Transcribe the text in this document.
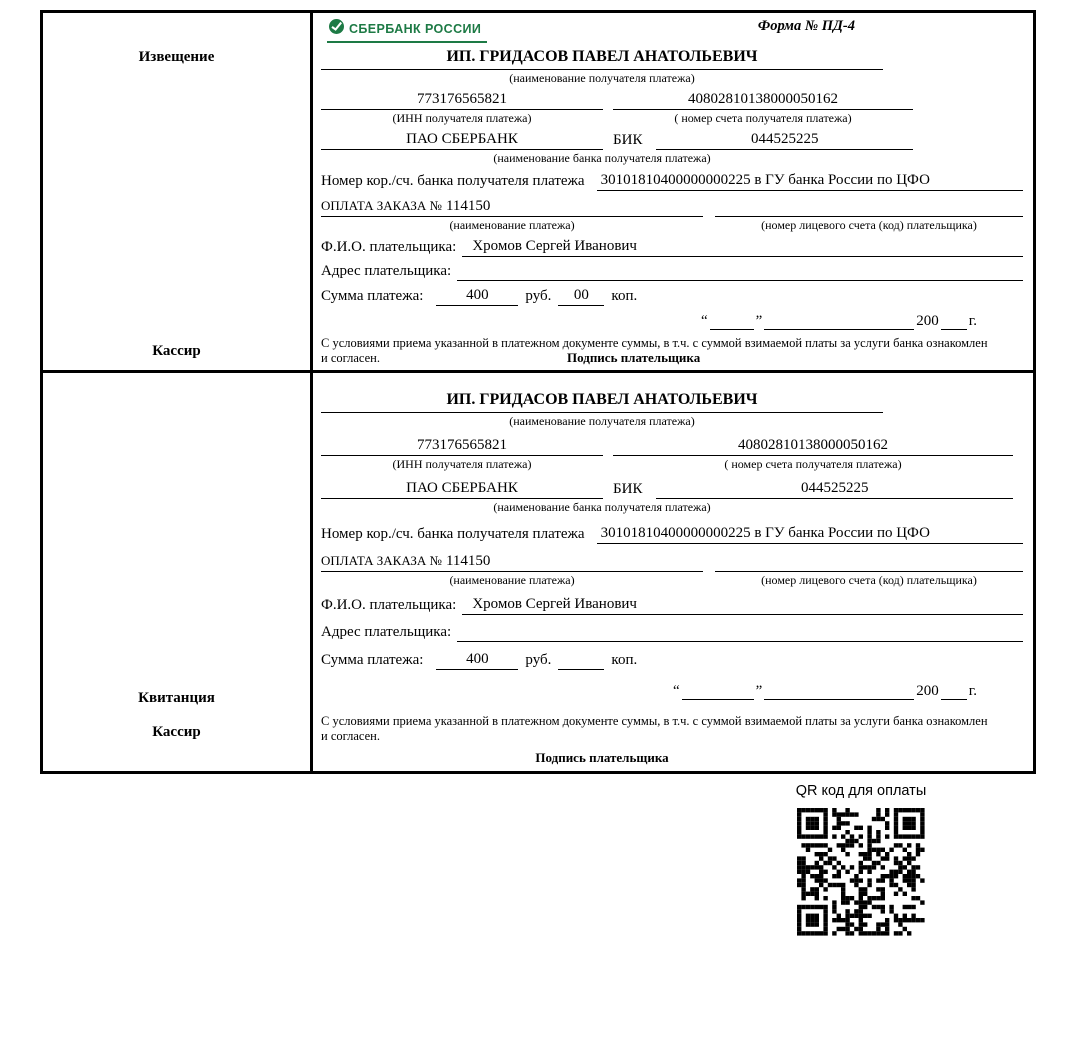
Извещение
Кассир
СБЕРБАНК РОССИИ	Форма № ПД-4
ИП. ГРИДАСОВ ПАВЕЛ АНАТОЛЬЕВИЧ
(наименование получателя платежа)
773176565821
(ИНН получателя платежа)
40802810138000050162
( номер счета получателя платежа)
ПАО СБЕРБАНК	БИК	044525225
(наименование банка получателя платежа)
Номер кор./сч. банка получателя платежа	30101810400000000225 в ГУ банка России по ЦФО
ОПЛАТА ЗАКАЗА № 114150
(наименование платежа)	(номер лицевого счета (код) плательщика)
Ф.И.О. плательщика:	Хромов Сергей Иванович
Адрес плательщика:
Сумма платежа:	400	руб.	00	коп.
“	”	200 г.
С условиями приема указанной в платежном документе суммы, в т.ч. с суммой взимаемой платы за услуги банка ознакомлен и согласен.	Подпись плательщика
Квитанция
Кассир
ИП. ГРИДАСОВ ПАВЕЛ АНАТОЛЬЕВИЧ
(наименование получателя платежа)
773176565821
(ИНН получателя платежа)
40802810138000050162
( номер счета получателя платежа)
ПАО СБЕРБАНК	БИК	044525225
(наименование банка получателя платежа)
Номер кор./сч. банка получателя платежа	30101810400000000225 в ГУ банка России по ЦФО
ОПЛАТА ЗАКАЗА № 114150
(наименование платежа)	(номер лицевого счета (код) плательщика)
Ф.И.О. плательщика:	Хромов Сергей Иванович
Адрес плательщика:
Сумма платежа:	400	руб.	коп.
“	”	200 г.
С условиями приема указанной в платежном документе суммы, в т.ч. с суммой взимаемой платы за услуги банка ознакомлен и согласен.
Подпись плательщика
QR код для оплаты
